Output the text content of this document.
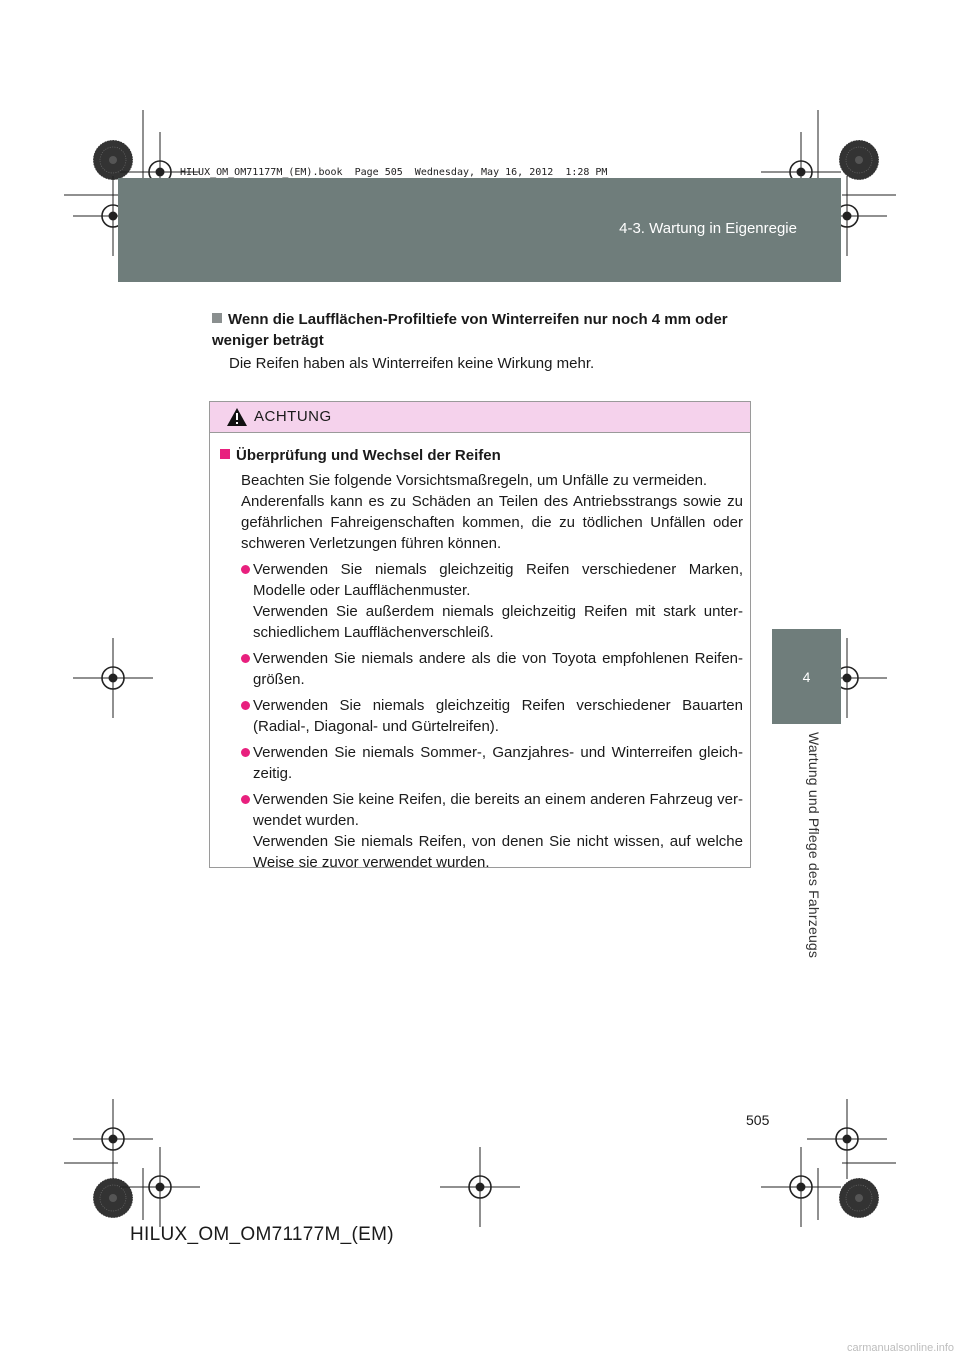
4-3. Wartung in Eigenregie
HILUX_OM_OM71177M_(EM).book  Page 505  Wednesday, May 16, 2012  1:28 PM
4
Wartung und Pflege des Fahrzeugs
Wenn die Laufflächen-Profiltiefe von Winterreifen nur noch 4 mm oder weniger beträgt
Die Reifen haben als Winterreifen keine Wirkung mehr.
ACHTUNG
Überprüfung und Wechsel der Reifen
Beachten Sie folgende Vorsichtsmaßregeln, um Unfälle zu vermeiden.
Anderenfalls kann es zu Schäden an Teilen des Antriebsstrangs sowie zu gefährlichen Fahreigenschaften kommen, die zu tödlichen Unfällen oder schweren Verletzungen führen können.
Verwenden Sie niemals gleichzeitig Reifen verschiedener Marken, Modelle oder Laufflächenmuster.
Verwenden Sie außerdem niemals gleichzeitig Reifen mit stark unter-schiedlichem Laufflächenverschleiß.
Verwenden Sie niemals andere als die von Toyota empfohlenen Reifen-größen.
Verwenden Sie niemals gleichzeitig Reifen verschiedener Bauarten (Radial-, Diagonal- und Gürtelreifen).
Verwenden Sie niemals Sommer-, Ganzjahres- und Winterreifen gleich-zeitig.
Verwenden Sie keine Reifen, die bereits an einem anderen Fahrzeug ver-wendet wurden.
Verwenden Sie niemals Reifen, von denen Sie nicht wissen, auf welche Weise sie zuvor verwendet wurden.
505
HILUX_OM_OM71177M_(EM)
carmanualsonline.info
